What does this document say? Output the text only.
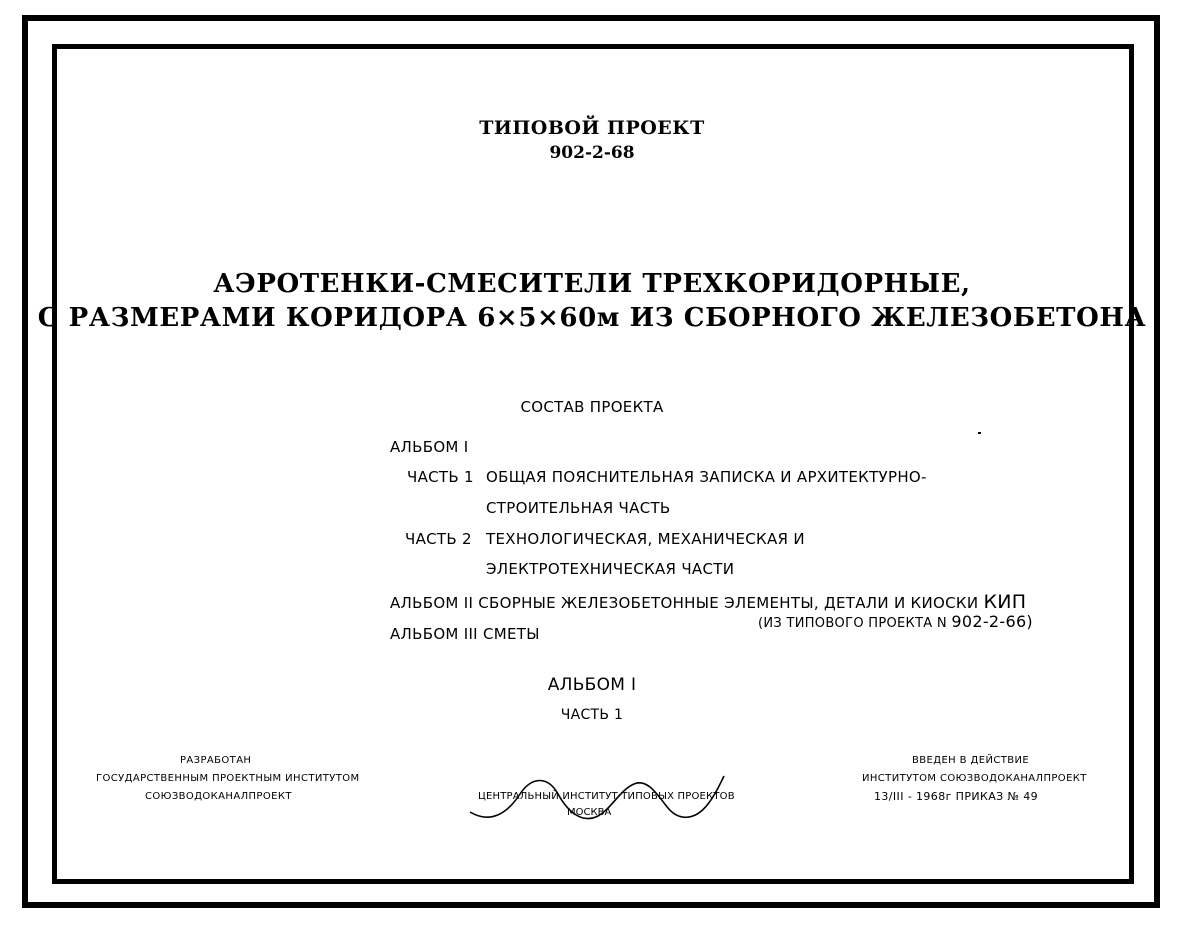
ТИПОВОЙ ПРОЕКТ
902-2-68
АЭРОТЕНКИ-СМЕСИТЕЛИ ТРЕХКОРИДОРНЫЕ,
С РАЗМЕРАМИ КОРИДОРА 6×5×60м ИЗ СБОРНОГО ЖЕЛЕЗОБЕТОНА
СОСТАВ ПРОЕКТА
АЛЬБОМ I
ЧАСТЬ 1 ОБЩАЯ ПОЯСНИТЕЛЬНАЯ ЗАПИСКА И АРХИТЕКТУРНО-
СТРОИТЕЛЬНАЯ ЧАСТЬ
ЧАСТЬ 2 ТЕХНОЛОГИЧЕСКАЯ, МЕХАНИЧЕСКАЯ И
ЭЛЕКТРОТЕХНИЧЕСКАЯ ЧАСТИ
АЛЬБОМ II СБОРНЫЕ ЖЕЛЕЗОБЕТОННЫЕ ЭЛЕМЕНТЫ, ДЕТАЛИ И КИОСКИ КИП
(ИЗ ТИПОВОГО ПРОЕКТА N 902-2-66)
АЛЬБОМ III СМЕТЫ
АЛЬБОМ I
ЧАСТЬ 1
РАЗРАБОТАН
ГОСУДАРСТВЕННЫМ ПРОЕКТНЫМ ИНСТИТУТОМ
СОЮЗВОДОКАНАЛПРОЕКТ	ЦЕНТРАЛЬНЫЙ ИНСТИТУТ ТИПОВЫХ ПРОЕКТОВ
МОСКВА
ВВЕДЕН В ДЕЙСТВИЕ
ИНСТИТУТОМ СОЮЗВОДОКАНАЛПРОЕКТ
13/III - 1968г ПРИКАЗ № 49
